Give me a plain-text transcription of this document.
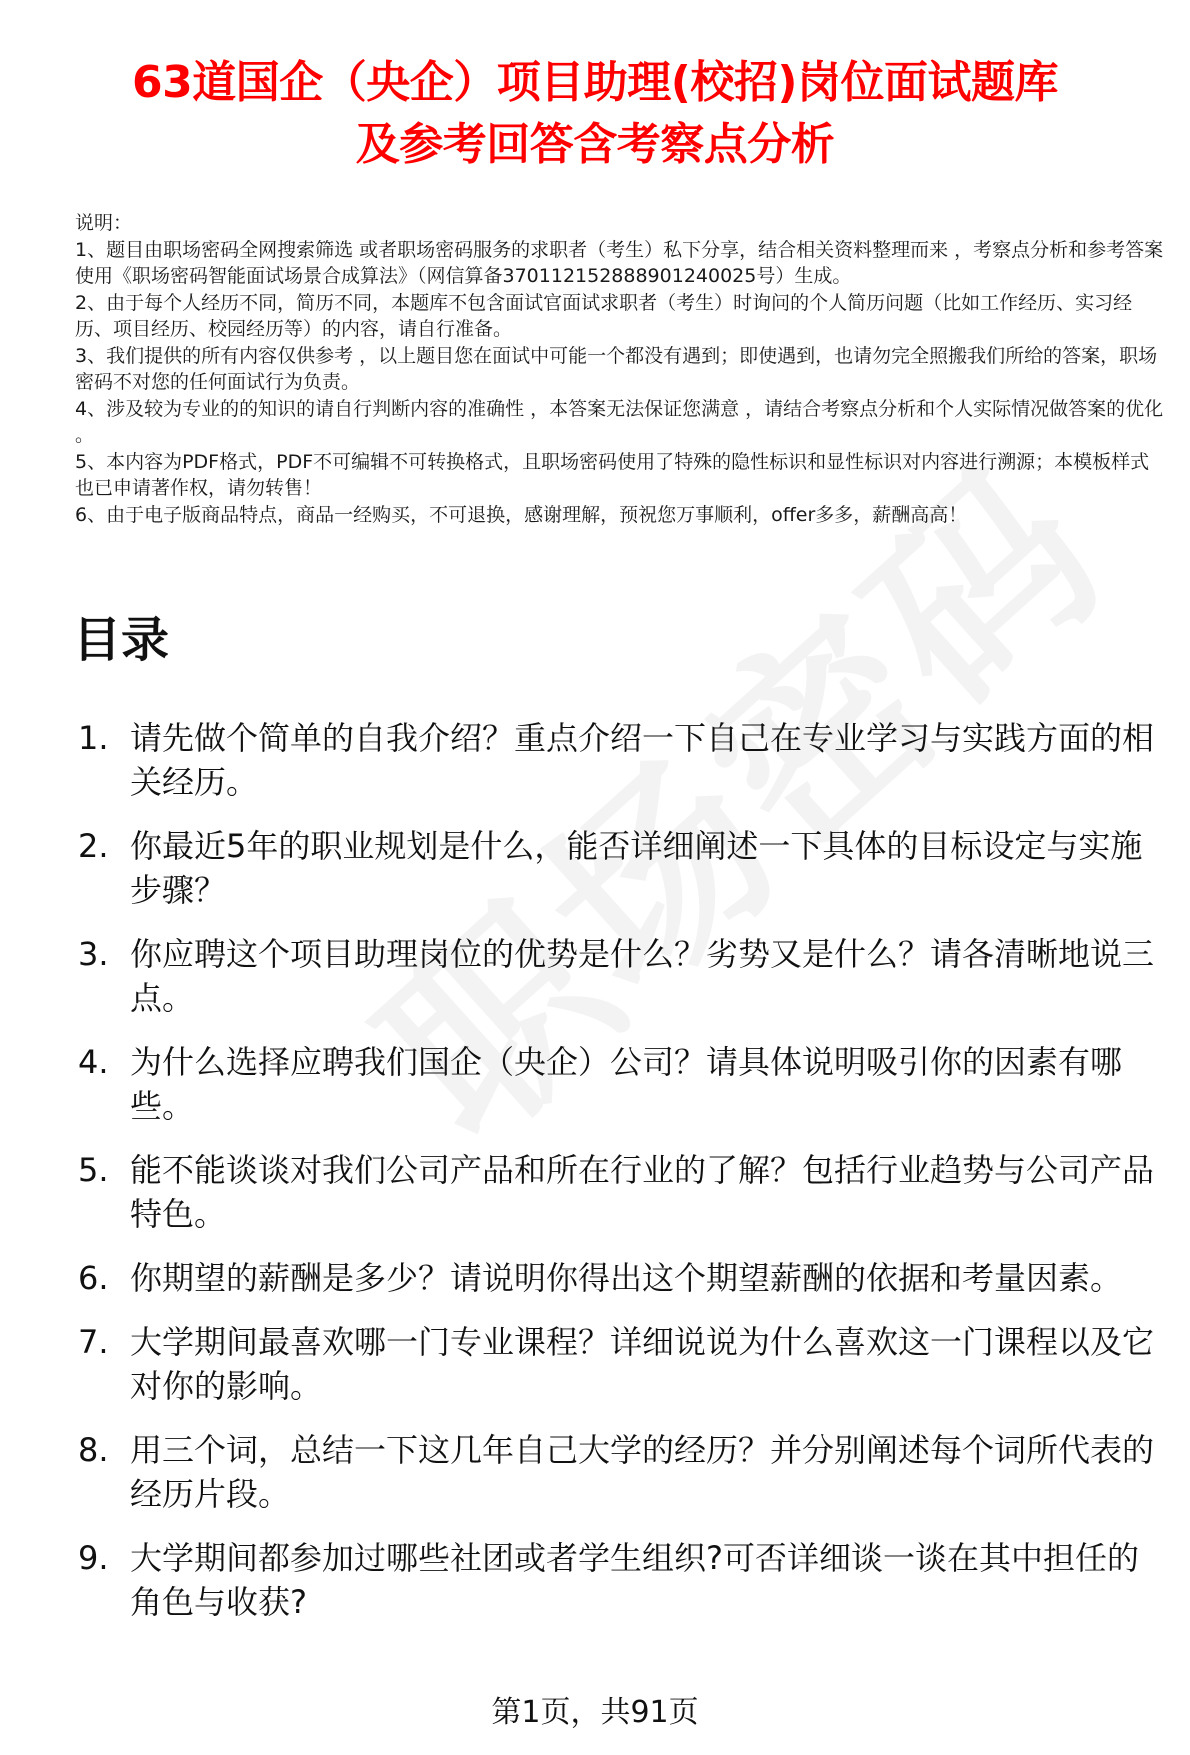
63道国企（央企）项目助理(校招)岗位面试题库
及参考回答含考察点分析

说明：

1、题目由职场密码全网搜索筛选 或者职场密码服务的求职者（考生）私下分享，结合相关资料整理而来 ，考察点分析和参考答案使用《职场密码智能面试场景合成算法》（网信算备370112152888901240025号）生成。

2、由于每个人经历不同，简历不同，本题库不包含面试官面试求职者（考生）时询问的个人简历问题（比如工作经历、实习经历、项目经历、校园经历等）的内容，请自行准备。

3、我们提供的所有内容仅供参考 ，以上题目您在面试中可能一个都没有遇到；即使遇到，也请勿完全照搬我们所给的答案，职场密码不对您的任何面试行为负责。

4、涉及较为专业的的知识的请自行判断内容的准确性 ，本答案无法保证您满意 ，请结合考察点分析和个人实际情况做答案的优化 。

5、本内容为PDF格式，PDF不可编辑不可转换格式，且职场密码使用了特殊的隐性标识和显性标识对内容进行溯源；本模板样式也已申请著作权，请勿转售！

6、由于电子版商品特点，商品一经购买，不可退换，感谢理解，预祝您万事顺利，offer多多，薪酬高高！

目录
1. 请先做个简单的自我介绍？重点介绍一下自己在专业学习与实践方面的相关经历。
2. 你最近5年的职业规划是什么，能否详细阐述一下具体的目标设定与实施步骤？
3. 你应聘这个项目助理岗位的优势是什么？劣势又是什么？请各清晰地说三点。
4. 为什么选择应聘我们国企（央企）公司？请具体说明吸引你的因素有哪些。
5. 能不能谈谈对我们公司产品和所在行业的了解？包括行业趋势与公司产品特色。
6. 你期望的薪酬是多少？请说明你得出这个期望薪酬的依据和考量因素。
7. 大学期间最喜欢哪一门专业课程？详细说说为什么喜欢这一门课程以及它对你的影响。
8. 用三个词，总结一下这几年自己大学的经历？并分别阐述每个词所代表的经历片段。
9. 大学期间都参加过哪些社团或者学生组织?可否详细谈一谈在其中担任的角色与收获?
第1页，共91页
